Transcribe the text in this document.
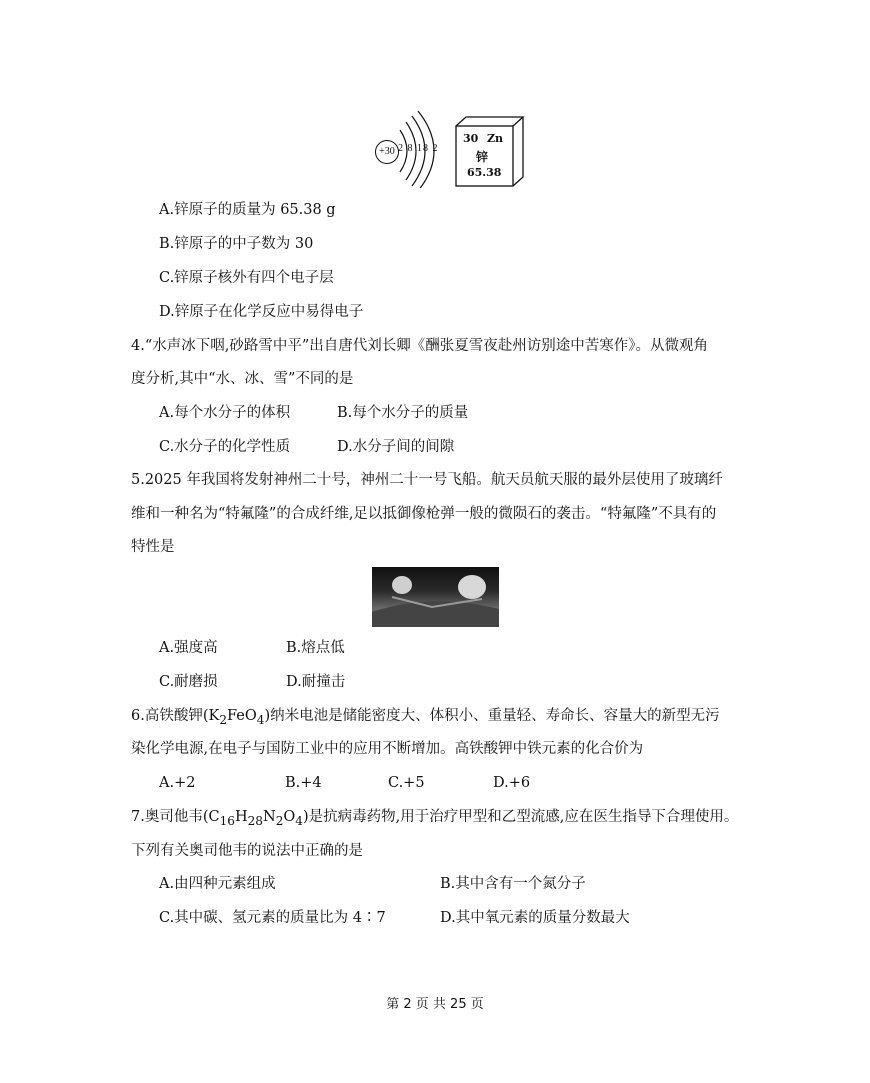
+30 2 8 18 2
30 Zn
锌
65.38
A.锌原子的质量为 65.38 g
B.锌原子的中子数为 30
C.锌原子核外有四个电子层
D.锌原子在化学反应中易得电子
4.“水声冰下咽,砂路雪中平”出自唐代刘长卿《酬张夏雪夜赴州访别途中苦寒作》。从微观角
度分析,其中“水、冰、雪”不同的是
A.每个水分子的体积	B.每个水分子的质量
C.水分子的化学性质	D.水分子间的间隙
5.2025 年我国将发射神州二十号，神州二十一号飞船。航天员航天服的最外层使用了玻璃纤
维和一种名为“特氟隆”的合成纤维,足以抵御像枪弹一般的微陨石的袭击。“特氟隆”不具有的
特性是
A.强度高	B.熔点低
C.耐磨损	D.耐撞击
6.高铁酸钾$(K_2FeO_4)$纳米电池是储能密度大、体积小、重量轻、寿命长、容量大的新型无污
染化学电源,在电子与国防工业中的应用不断增加。高铁酸钾中铁元素的化合价为
A.+2	B.+4	C.+5	D.+6
7.奥司他韦$(C_{16}H_{28}N_2O_4)$是抗病毒药物,用于治疗甲型和乙型流感,应在医生指导下合理使用。
下列有关奥司他韦的说法中正确的是
A.由四种元素组成	B.其中含有一个氮分子
C.其中碳、氢元素的质量比为 4∶7	D.其中氧元素的质量分数最大
第 2 页 共 25 页
